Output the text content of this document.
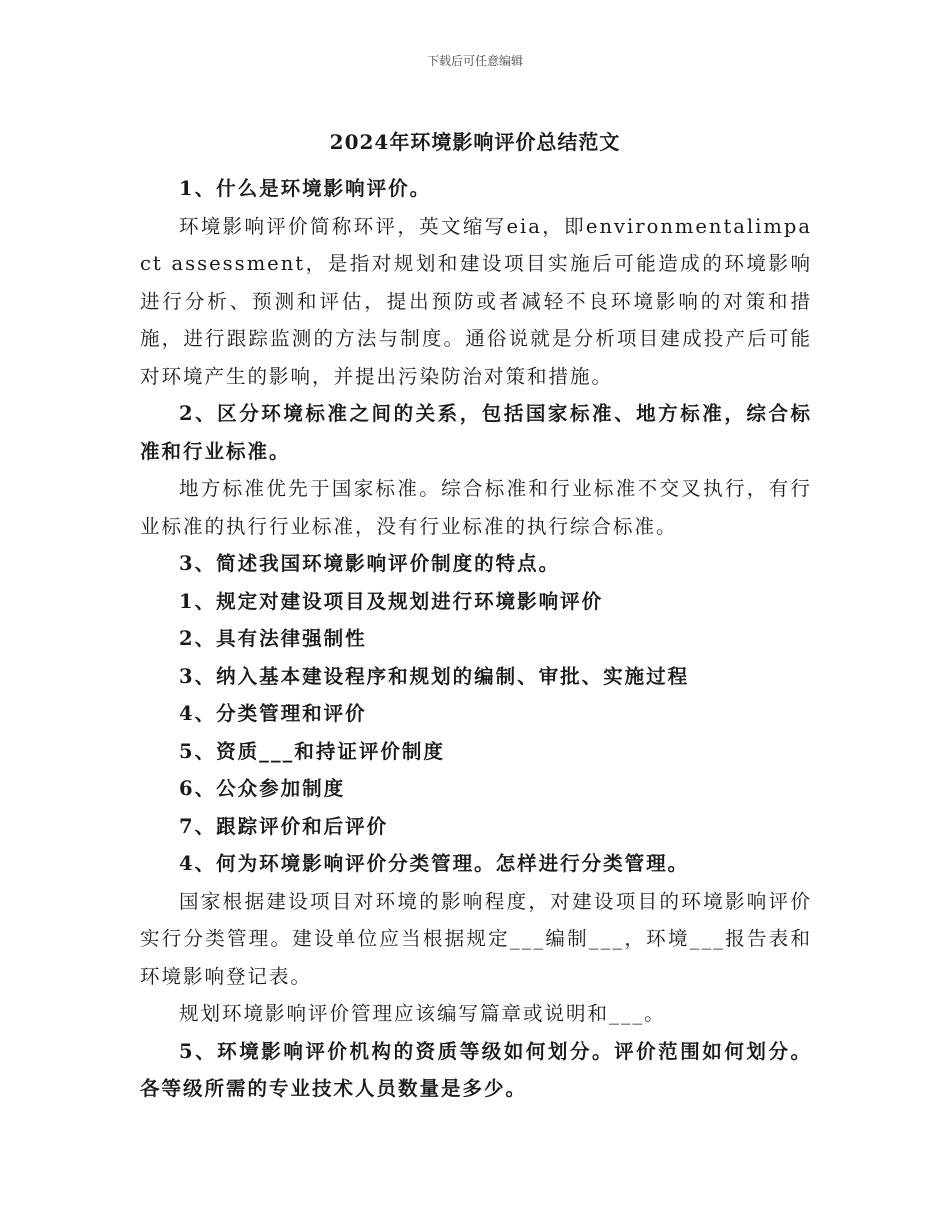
下载后可任意编辑
2024年环境影响评价总结范文

1、什么是环境影响评价。

环境影响评价简称环评，英文缩写eia，即environmentalimpact assessment，是指对规划和建设项目实施后可能造成的环境影响进行分析、预测和评估，提出预防或者减轻不良环境影响的对策和措施，进行跟踪监测的方法与制度。通俗说就是分析项目建成投产后可能对环境产生的影响，并提出污染防治对策和措施。

2、区分环境标准之间的关系，包括国家标准、地方标准，综合标准和行业标准。

地方标准优先于国家标准。综合标准和行业标准不交叉执行，有行业标准的执行行业标准，没有行业标准的执行综合标准。

3、简述我国环境影响评价制度的特点。

1、规定对建设项目及规划进行环境影响评价

2、具有法律强制性

3、纳入基本建设程序和规划的编制、审批、实施过程

4、分类管理和评价

5、资质___和持证评价制度

6、公众参加制度

7、跟踪评价和后评价

4、何为环境影响评价分类管理。怎样进行分类管理。

国家根据建设项目对环境的影响程度，对建设项目的环境影响评价实行分类管理。建设单位应当根据规定___编制___，环境___报告表和环境影响登记表。

规划环境影响评价管理应该编写篇章或说明和___。

5、环境影响评价机构的资质等级如何划分。评价范围如何划分。各等级所需的专业技术人员数量是多少。
